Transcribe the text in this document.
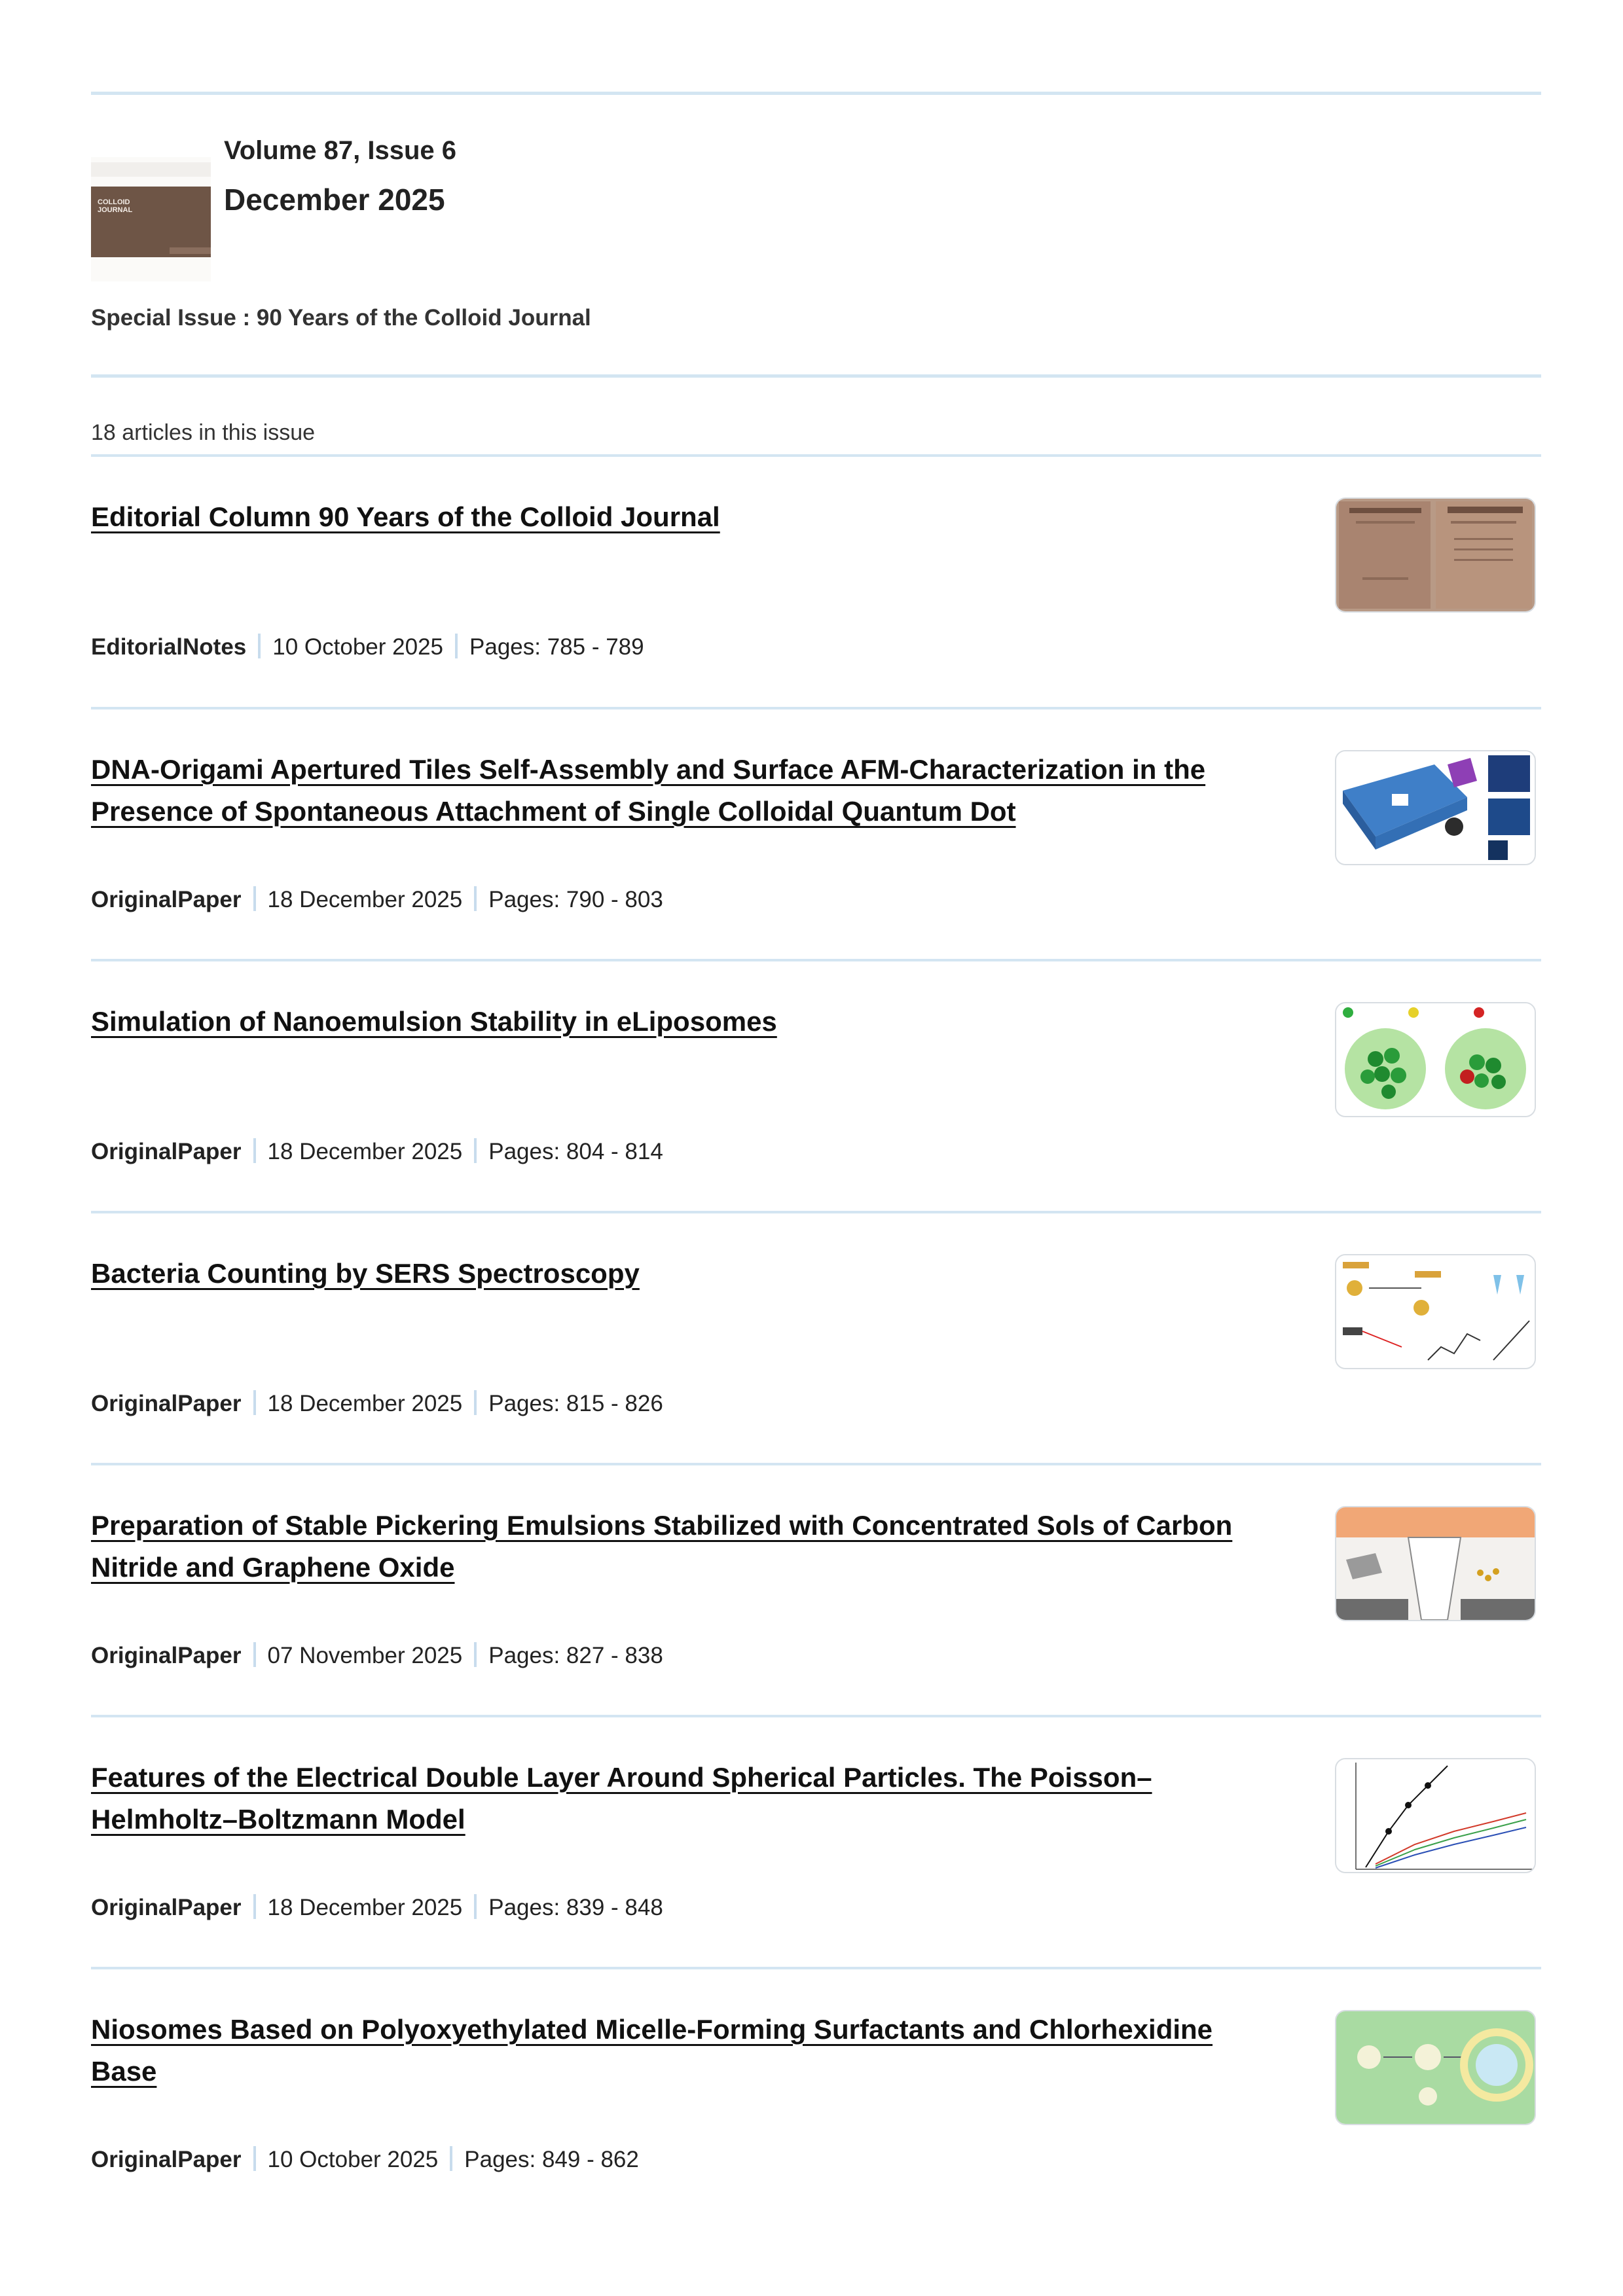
COLLOID
JOURNAL
Volume 87, Issue 6
December 2025
Special Issue : 90 Years of the Colloid Journal
18 articles in this issue
Editorial Column 90 Years of the Colloid Journal
EditorialNotes 10 October 2025 Pages: 785 - 789
DNA-Origami Apertured Tiles Self-Assembly and Surface AFM-Characterization in the Presence of Spontaneous Attachment of Single Colloidal Quantum Dot
OriginalPaper 18 December 2025 Pages: 790 - 803
Simulation of Nanoemulsion Stability in eLiposomes
OriginalPaper 18 December 2025 Pages: 804 - 814
Bacteria Counting by SERS Spectroscopy
OriginalPaper 18 December 2025 Pages: 815 - 826
Preparation of Stable Pickering Emulsions Stabilized with Concentrated Sols of Carbon Nitride and Graphene Oxide
OriginalPaper 07 November 2025 Pages: 827 - 838
Features of the Electrical Double Layer Around Spherical Particles. The Poisson–Helmholtz–Boltzmann Model
OriginalPaper 18 December 2025 Pages: 839 - 848
Niosomes Based on Polyoxyethylated Micelle-Forming Surfactants and Chlorhexidine Base
OriginalPaper 10 October 2025 Pages: 849 - 862
